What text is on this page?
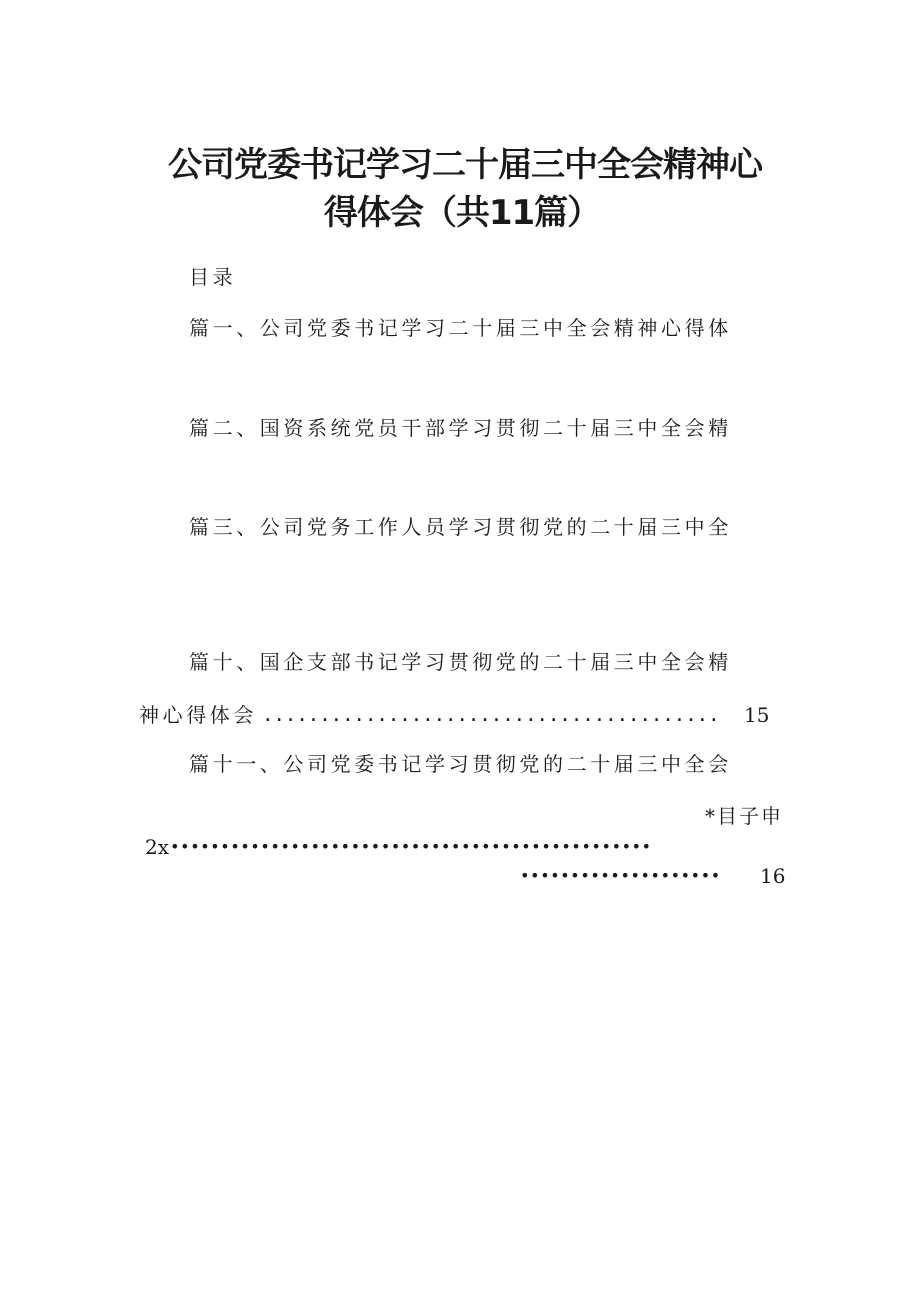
公司党委书记学习二十届三中全会精神心
得体会（共11篇）
目录
篇一、公司党委书记学习二十届三中全会精神心得体
篇二、国资系统党员干部学习贯彻二十届三中全会精
篇三、公司党务工作人员学习贯彻党的二十届三中全
篇十、国企支部书记学习贯彻党的二十届三中全会精
神心得体会 ........................................	15
篇十一、公司党委书记学习贯彻党的二十届三中全会
*目子申
2x ••••••••••••••••••••••••••••••••••••••••••••••••
••••••••••••••••••••	16
